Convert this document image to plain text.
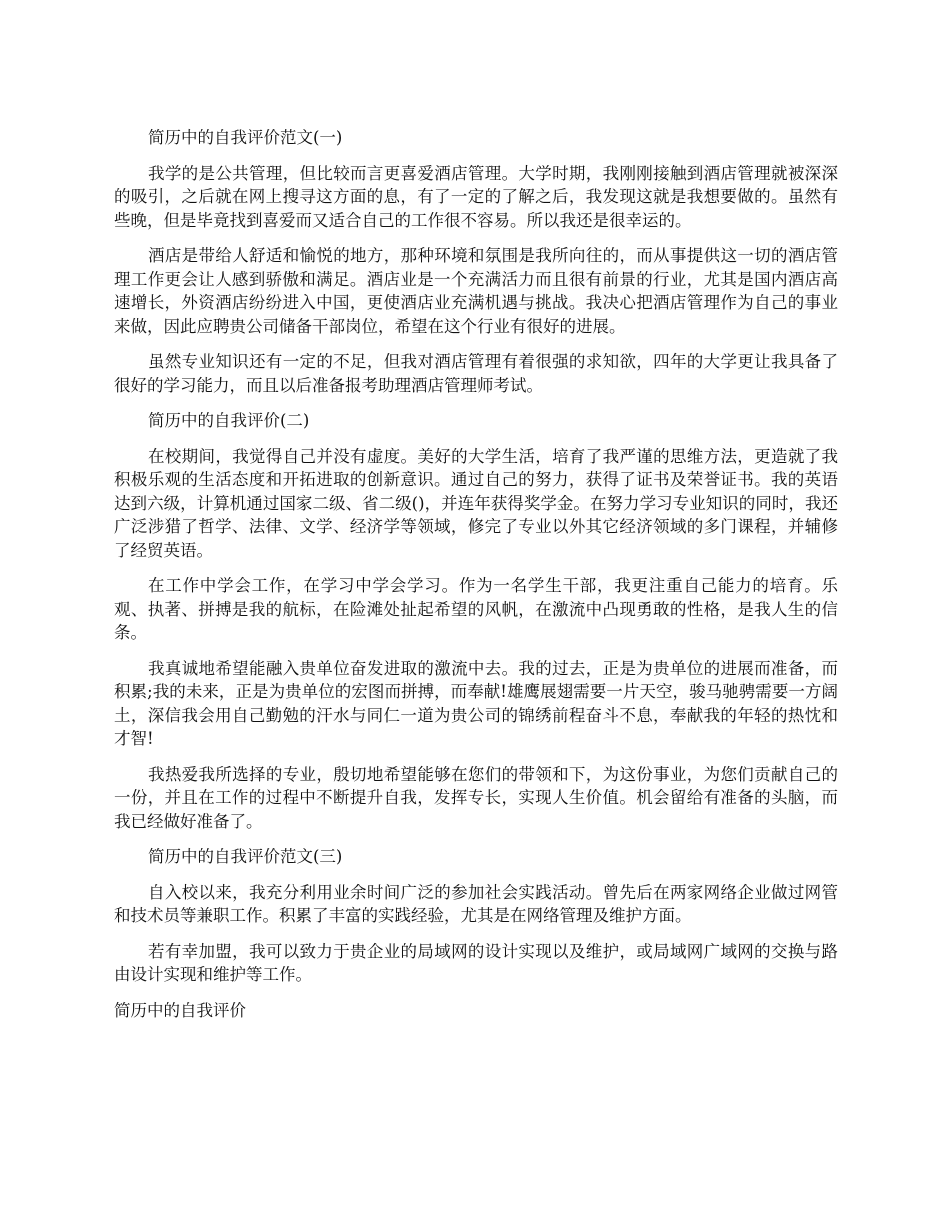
简历中的自我评价范文(一)

我学的是公共管理，但比较而言更喜爱酒店管理。大学时期，我刚刚接触到酒店管理就被深深的吸引，之后就在网上搜寻这方面的息，有了一定的了解之后，我发现这就是我想要做的。虽然有些晚，但是毕竟找到喜爱而又适合自己的工作很不容易。所以我还是很幸运的。

酒店是带给人舒适和愉悦的地方，那种环境和氛围是我所向往的，而从事提供这一切的酒店管理工作更会让人感到骄傲和满足。酒店业是一个充满活力而且很有前景的行业，尤其是国内酒店高速增长，外资酒店纷纷进入中国，更使酒店业充满机遇与挑战。我决心把酒店管理作为自己的事业来做，因此应聘贵公司储备干部岗位，希望在这个行业有很好的进展。

虽然专业知识还有一定的不足，但我对酒店管理有着很强的求知欲，四年的大学更让我具备了很好的学习能力，而且以后准备报考助理酒店管理师考试。

简历中的自我评价(二)

在校期间，我觉得自己并没有虚度。美好的大学生活，培育了我严谨的思维方法，更造就了我积极乐观的生活态度和开拓进取的创新意识。通过自己的努力，获得了证书及荣誉证书。我的英语达到六级，计算机通过国家二级、省二级()，并连年获得奖学金。在努力学习专业知识的同时，我还广泛涉猎了哲学、法律、文学、经济学等领域，修完了专业以外其它经济领域的多门课程，并辅修了经贸英语。

在工作中学会工作，在学习中学会学习。作为一名学生干部，我更注重自己能力的培育。乐观、执著、拼搏是我的航标，在险滩处扯起希望的风帆，在激流中凸现勇敢的性格，是我人生的信条。

我真诚地希望能融入贵单位奋发进取的激流中去。我的过去，正是为贵单位的进展而准备，而积累;我的未来，正是为贵单位的宏图而拼搏，而奉献!雄鹰展翅需要一片天空，骏马驰骋需要一方阔土，深信我会用自己勤勉的汗水与同仁一道为贵公司的锦绣前程奋斗不息，奉献我的年轻的热忱和才智!

我热爱我所选择的专业，殷切地希望能够在您们的带领和下，为这份事业，为您们贡献自己的一份，并且在工作的过程中不断提升自我，发挥专长，实现人生价值。机会留给有准备的头脑，而我已经做好准备了。

简历中的自我评价范文(三)

自入校以来，我充分利用业余时间广泛的参加社会实践活动。曾先后在两家网络企业做过网管和技术员等兼职工作。积累了丰富的实践经验，尤其是在网络管理及维护方面。

若有幸加盟，我可以致力于贵企业的局域网的设计实现以及维护，或局域网广域网的交换与路由设计实现和维护等工作。

简历中的自我评价
